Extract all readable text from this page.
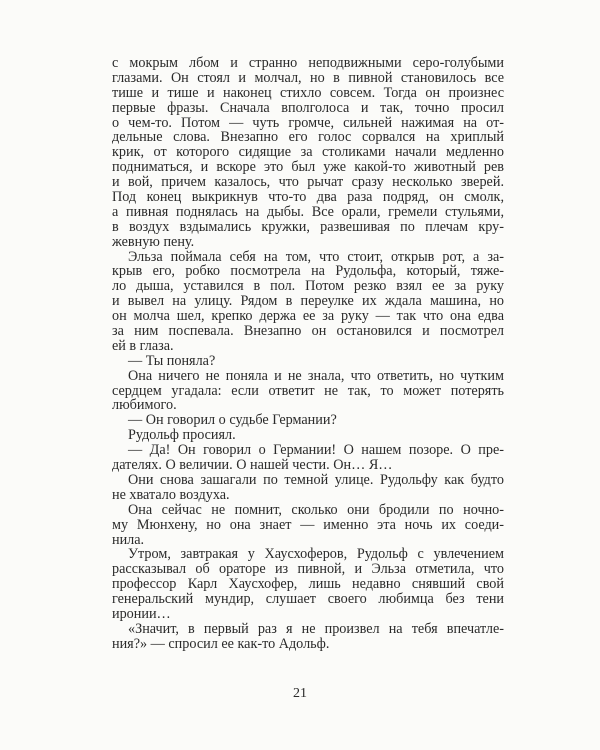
с мокрым лбом и странно неподвижными серо-голубыми
глазами. Он стоял и молчал, но в пивной становилось все
тише и тише и наконец стихло совсем. Тогда он произнес
первые фразы. Сначала вполголоса и так, точно просил
о чем-то. Потом — чуть громче, сильней нажимая на от-
дельные слова. Внезапно его голос сорвался на хриплый
крик, от которого сидящие за столиками начали медленно
подниматься, и вскоре это был уже какой-то животный рев
и вой, причем казалось, что рычат сразу несколько зверей.
Под конец выкрикнув что-то два раза подряд, он смолк,
а пивная поднялась на дыбы. Все орали, гремели стульями,
в воздух вздымались кружки, развешивая по плечам кру-
жевную пену.
Эльза поймала себя на том, что стоит, открыв рот, а за-
крыв его, робко посмотрела на Рудольфа, который, тяже-
ло дыша, уставился в пол. Потом резко взял ее за руку
и вывел на улицу. Рядом в переулке их ждала машина, но
он молча шел, крепко держа ее за руку — так что она едва
за ним поспевала. Внезапно он остановился и посмотрел
ей в глаза.
— Ты поняла?
Она ничего не поняла и не знала, что ответить, но чутким
сердцем угадала: если ответит не так, то может потерять
любимого.
— Он говорил о судьбе Германии?
Рудольф просиял.
— Да! Он говорил о Германии! О нашем позоре. О пре-
дателях. О величии. О нашей чести. Он… Я…
Они снова зашагали по темной улице. Рудольфу как будто
не хватало воздуха.
Она сейчас не помнит, сколько они бродили по ночно-
му Мюнхену, но она знает — именно эта ночь их соеди-
нила.
Утром, завтракая у Хаусхоферов, Рудольф с увлечением
рассказывал об ораторе из пивной, и Эльза отметила, что
профессор Карл Хаусхофер, лишь недавно снявший свой
генеральский мундир, слушает своего любимца без тени
иронии…
«Значит, в первый раз я не произвел на тебя впечатле-
ния?» — спросил ее как-то Адольф.
21
